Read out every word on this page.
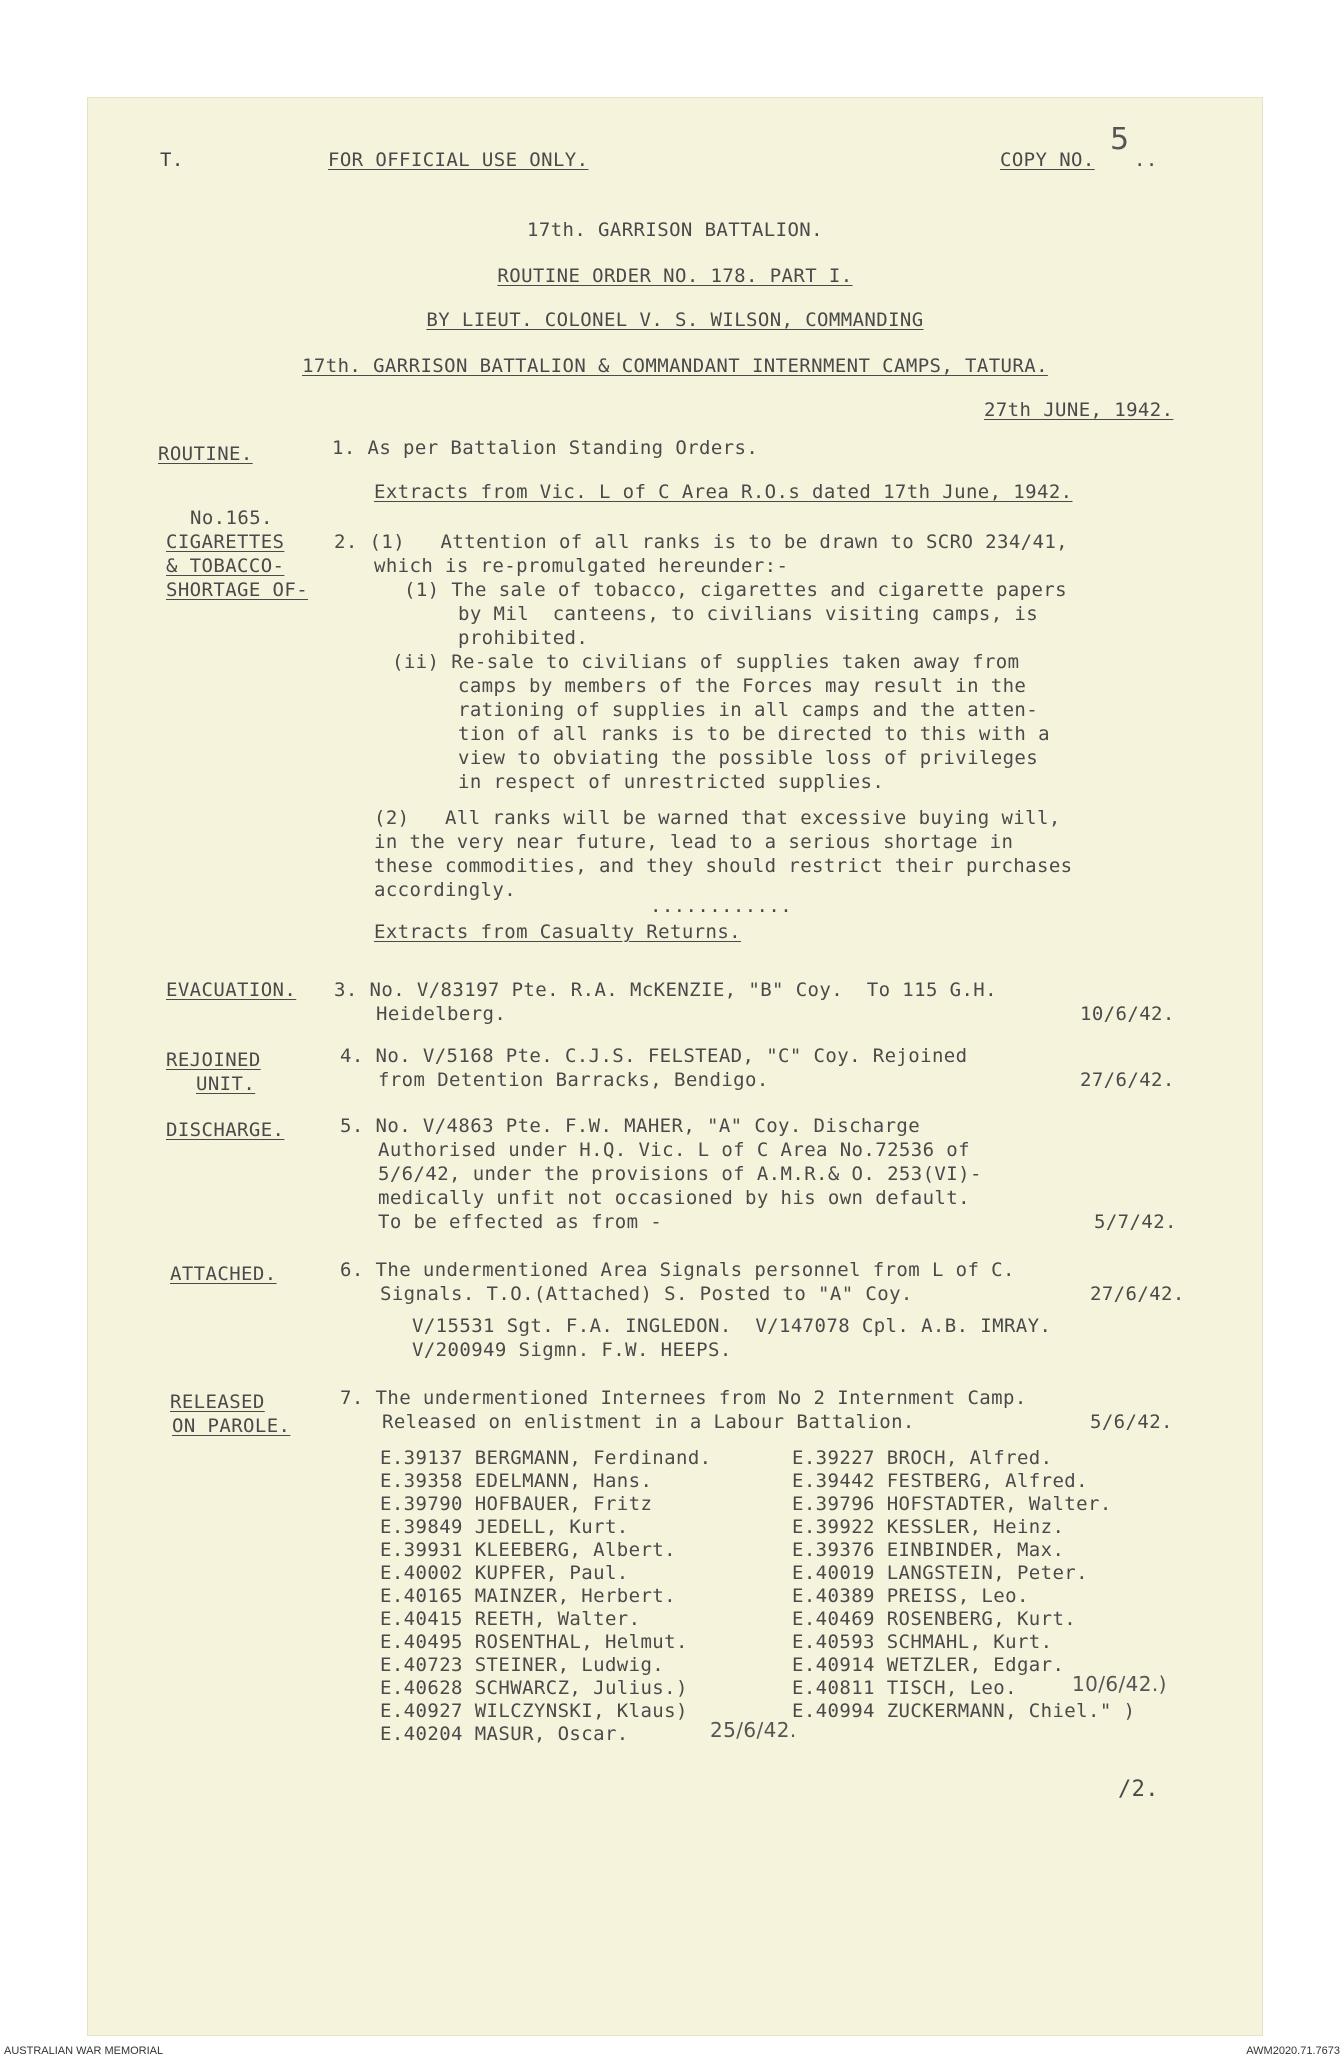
T.	FOR OFFICIAL USE ONLY.	COPY NO.
5
..
17th. GARRISON BATTALION.
ROUTINE ORDER NO. 178. PART I.
BY LIEUT. COLONEL V. S. WILSON, COMMANDING
17th. GARRISON BATTALION & COMMANDANT INTERNMENT CAMPS, TATURA.
27th JUNE, 1942.
ROUTINE.	1. As per Battalion Standing Orders.
Extracts from Vic. L of C Area R.O.s dated 17th June, 1942.
No.165.
CIGARETTES
& TOBACCO-
SHORTAGE OF-
2. (1)   Attention of all ranks is to be drawn to SCRO 234/41,
which is re-promulgated hereunder:-
(1) The sale of tobacco, cigarettes and cigarette papers
by Mil  canteens, to civilians visiting camps, is
prohibited.
(ii) Re-sale to civilians of supplies taken away from
camps by members of the Forces may result in the
rationing of supplies in all camps and the atten-
tion of all ranks is to be directed to this with a
view to obviating the possible loss of privileges
in respect of unrestricted supplies.
(2)   All ranks will be warned that excessive buying will,
in the very near future, lead to a serious shortage in
these commodities, and they should restrict their purchases
accordingly.
............
Extracts from Casualty Returns.
EVACUATION. 3. No. V/83197 Pte. R.A. McKENZIE, "B" Coy.  To 115 G.H.
Heidelberg.	10/6/42.
REJOINED
UNIT.
4. No. V/5168 Pte. C.J.S. FELSTEAD, "C" Coy. Rejoined
from Detention Barracks, Bendigo.	27/6/42.
DISCHARGE.	5. No. V/4863 Pte. F.W. MAHER, "A" Coy. Discharge
Authorised under H.Q. Vic. L of C Area No.72536 of
5/6/42, under the provisions of A.M.R.& O. 253(VI)-
medically unfit not occasioned by his own default.
To be effected as from -	5/7/42.
ATTACHED.	6. The undermentioned Area Signals personnel from L of C.
Signals. T.O.(Attached) S. Posted to "A" Coy.	27/6/42.
V/15531 Sgt. F.A. INGLEDON.  V/147078 Cpl. A.B. IMRAY.
V/200949 Sigmn. F.W. HEEPS.
RELEASED
ON PAROLE.
7. The undermentioned Internees from No 2 Internment Camp.
Released on enlistment in a Labour Battalion.	5/6/42.
E.39137 BERGMANN, Ferdinand.	E.39227 BROCH, Alfred.
E.39358 EDELMANN, Hans.	E.39442 FESTBERG, Alfred.
E.39790 HOFBAUER, Fritz	E.39796 HOFSTADTER, Walter.
E.39849 JEDELL, Kurt.	E.39922 KESSLER, Heinz.
E.39931 KLEEBERG, Albert.	E.39376 EINBINDER, Max.
E.40002 KUPFER, Paul.	E.40019 LANGSTEIN, Peter.
E.40165 MAINZER, Herbert.	E.40389 PREISS, Leo.
E.40415 REETH, Walter.	E.40469 ROSENBERG, Kurt.
E.40495 ROSENTHAL, Helmut.	E.40593 SCHMAHL, Kurt.
E.40723 STEINER, Ludwig.	E.40914 WETZLER, Edgar.
E.40628 SCHWARCZ, Julius.)	E.40811 TISCH, Leo.
E.40927 WILCZYNSKI, Klaus)	E.40994 ZUCKERMANN, Chiel." )
E.40204 MASUR, Oscar.
10/6/42.)
25/6/42.
/2.
AUSTRALIAN WAR MEMORIAL	AWM2020.71.7673
